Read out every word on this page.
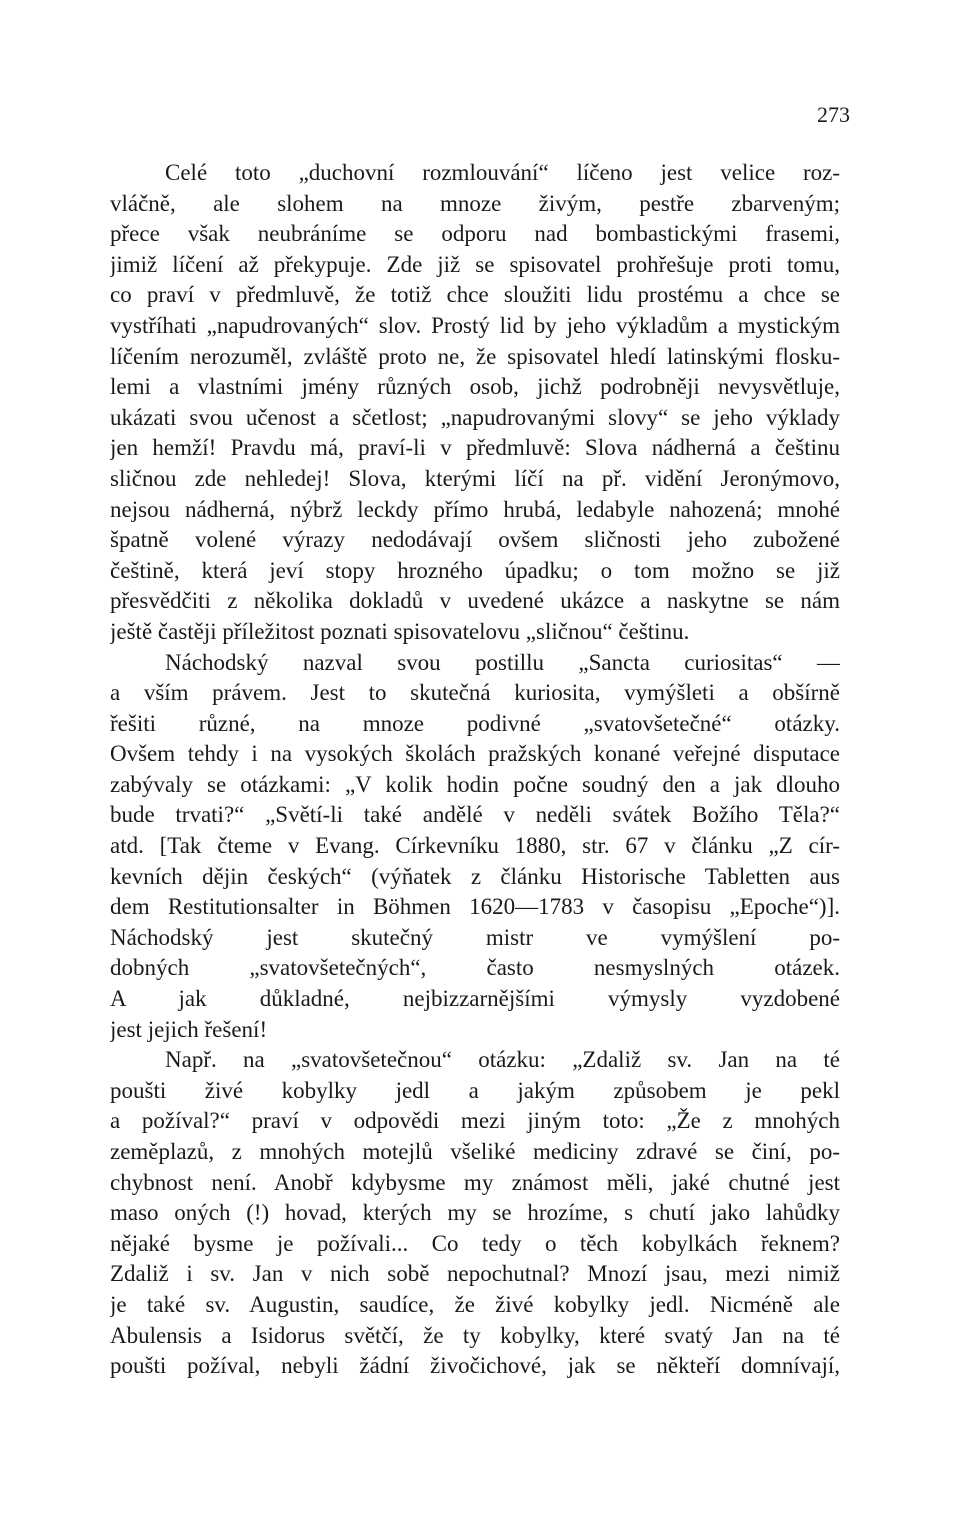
273
Celé toto „duchovní rozmlouvání“ líčeno jest velice roz-
vláčně, ale slohem na mnoze živým, pestře zbarveným;
přece však neubráníme se odporu nad bombastickými frasemi,
jimiž líčení až překypuje. Zde již se spisovatel prohřešuje proti tomu,
co praví v předmluvě, že totiž chce sloužiti lidu prostému a chce se
vystříhati „napudrovaných“ slov. Prostý lid by jeho výkladům a mystickým
líčením nerozuměl, zvláště proto ne, že spisovatel hledí latinskými flosku-
lemi a vlastními jmény různých osob, jichž podrobněji nevysvětluje,
ukázati svou učenost a sčetlost; „napudrovanými slovy“ se jeho výklady
jen hemží! Pravdu má, praví-li v předmluvě: Slova nádherná a češtinu
sličnou zde nehledej! Slova, kterými líčí na př. vidění Jeronýmovo,
nejsou nádherná, nýbrž leckdy přímo hrubá, ledabyle nahozená; mnohé
špatně volené výrazy nedodávají ovšem sličnosti jeho zubožené
češtině, která jeví stopy hrozného úpadku; o tom možno se již
přesvědčiti z několika dokladů v uvedené ukázce a naskytne se nám
ještě častěji příležitost poznati spisovatelovu „sličnou“ češtinu.
Náchodský nazval svou postillu „Sancta curiositas“ —
a vším právem. Jest to skutečná kuriosita, vymýšleti a obšírně
řešiti různé, na mnoze podivné „svatovšetečné“ otázky.
Ovšem tehdy i na vysokých školách pražských konané veřejné disputace
zabývaly se otázkami: „V kolik hodin počne soudný den a jak dlouho
bude trvati?“ „Světí-li také andělé v neděli svátek Božího Těla?“
atd. [Tak čteme v Evang. Církevníku 1880, str. 67 v článku „Z cír-
kevních dějin českých“ (výňatek z článku Historische Tabletten aus
dem Restitutionsalter in Böhmen 1620—1783 v časopisu „Epoche“)].
Náchodský jest skutečný mistr ve vymýšlení po-
dobných „svatovšetečných“, často nesmyslných otázek.
A jak důkladné, nejbizzarnějšími výmysly vyzdobené
jest jejich řešení!
Např. na „svatovšetečnou“ otázku: „Zdaliž sv. Jan na té
poušti živé kobylky jedl a jakým způsobem je pekl
a požíval?“ praví v odpovědi mezi jiným toto: „Že z mnohých
zeměplazů, z mnohých motejlů všeliké mediciny zdravé se činí, po-
chybnost není. Anobř kdybysme my známost měli, jaké chutné jest
maso oných (!) hovad, kterých my se hrozíme, s chutí jako lahůdky
nějaké bysme je požívali... Co tedy o těch kobylkách řeknem?
Zdaliž i sv. Jan v nich sobě nepochutnal? Mnozí jsau, mezi nimiž
je také sv. Augustin, saudíce, že živé kobylky jedl. Nicméně ale
Abulensis a Isidorus světčí, že ty kobylky, které svatý Jan na té
poušti požíval, nebyli žádní živočichové, jak se někteří domnívají,
